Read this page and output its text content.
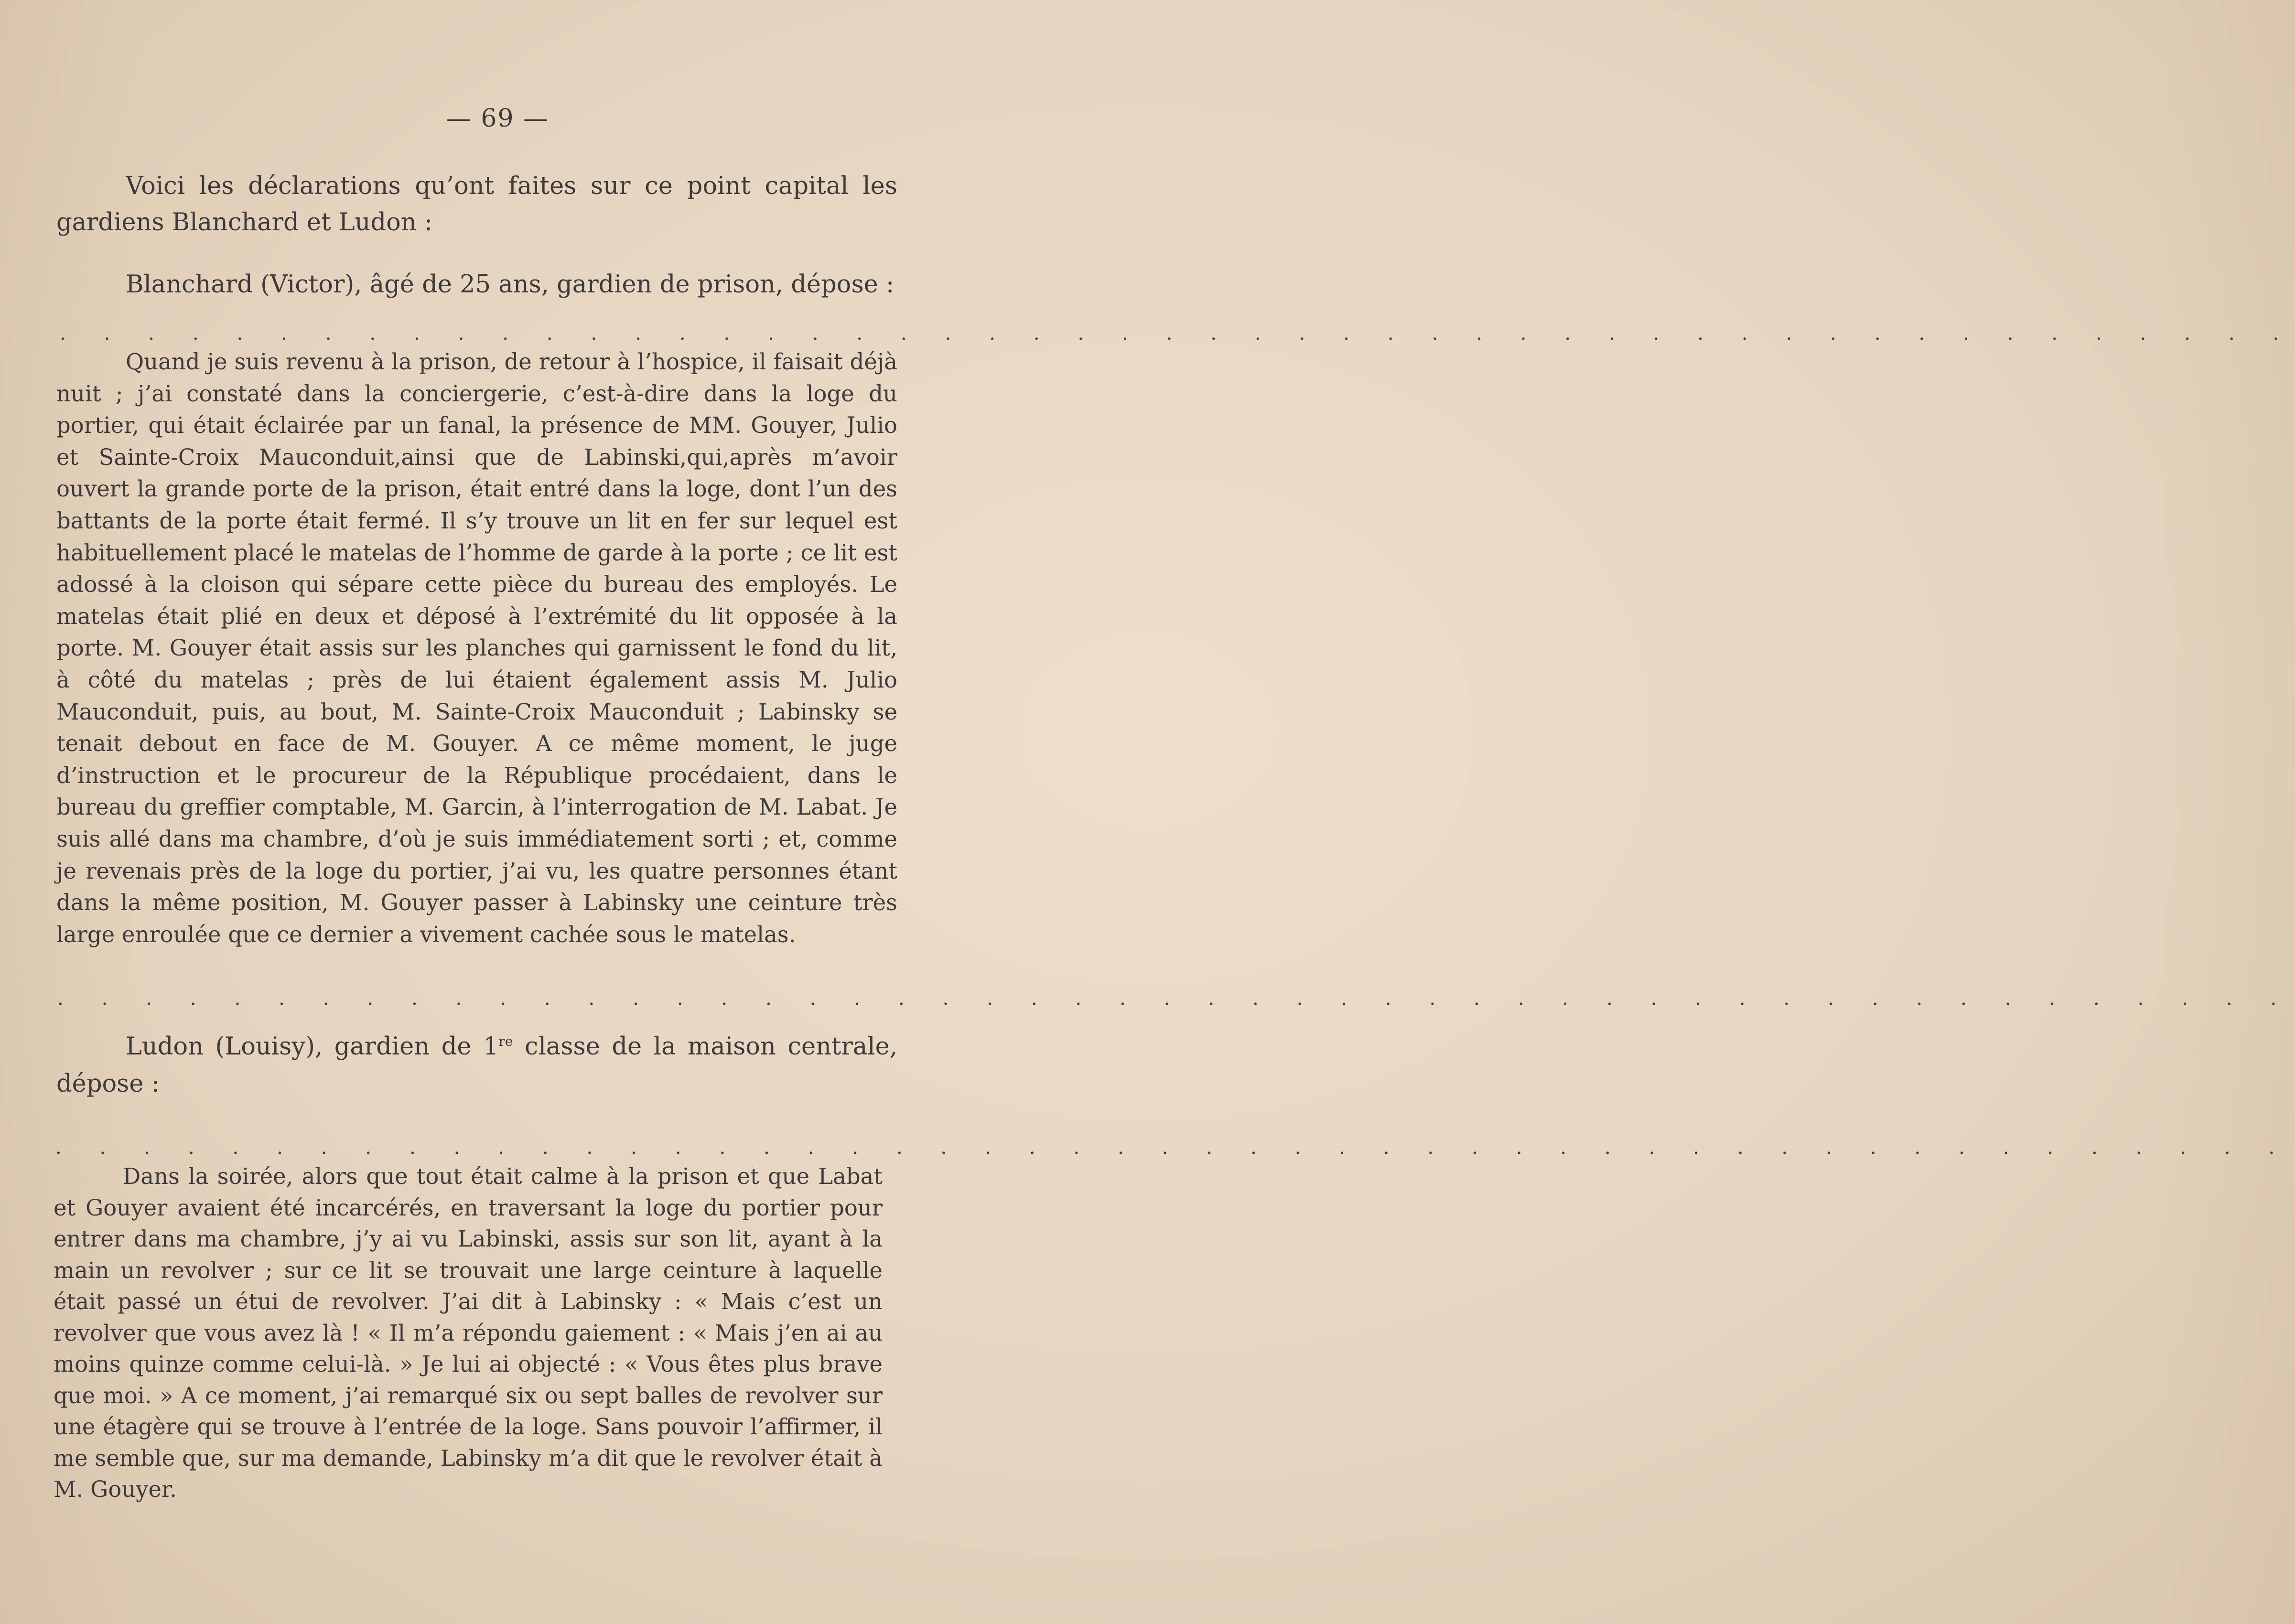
— 69 —

Voici les déclarations qu’ont faites sur ce point capital les gardiens Blanchard et Ludon :

Blanchard (Victor), âgé de 25 ans, gardien de prison, dépose :

. . . . . . . . . . . . . . . . . . . . . . . . . . . . . . . . . . . . . . . . . . . . . . . . . . .

Quand je suis revenu à la prison, de retour à l’hospice, il faisait déjà nuit ; j’ai constaté dans la conciergerie, c’est-à-dire dans la loge du portier, qui était éclairée par un fanal, la présence de MM. Gouyer, Julio et Sainte-Croix Mauconduit,ainsi que de Labinski,qui,après m’avoir ouvert la grande porte de la prison, était entré dans la loge, dont l’un des battants de la porte était fermé. Il s’y trouve un lit en fer sur lequel est habituellement placé le matelas de l’homme de garde à la porte ; ce lit est adossé à la cloison qui sépare cette pièce du bureau des employés. Le matelas était plié en deux et déposé à l’extrémité du lit opposée à la porte. M. Gouyer était assis sur les planches qui garnissent le fond du lit, à côté du matelas ; près de lui étaient également assis M. Julio Mauconduit, puis, au bout, M. Sainte-Croix Mauconduit ; Labinsky se tenait debout en face de M. Gouyer. A ce même moment, le juge d’instruction et le procureur de la République procédaient, dans le bureau du greffier comptable, M. Garcin, à l’interrogation de M. Labat. Je suis allé dans ma chambre, d’où je suis immédiatement sorti ; et, comme je revenais près de la loge du portier, j’ai vu, les quatre personnes étant dans la même position, M. Gouyer passer à Labinsky une ceinture très large enroulée que ce dernier a vivement cachée sous le matelas.

. . . . . . . . . . . . . . . . . . . . . . . . . . . . . . . . . . . . . . . . . . . . . . . . . . .

Ludon (Louisy), gardien de 1re classe de la maison centrale, dépose :

. . . . . . . . . . . . . . . . . . . . . . . . . . . . . . . . . . . . . . . . . . . . . . . . . . .

Dans la soirée, alors que tout était calme à la prison et que Labat et Gouyer avaient été incarcérés, en traversant la loge du portier pour entrer dans ma chambre, j’y ai vu Labinski, assis sur son lit, ayant à la main un revolver ; sur ce lit se trouvait une large ceinture à laquelle était passé un étui de revolver. J’ai dit à Labinsky : « Mais c’est un revolver que vous avez là ! « Il m’a répondu gaiement : « Mais j’en ai au moins quinze comme celui-là. » Je lui ai objecté : « Vous êtes plus brave que moi. » A ce moment, j’ai remarqué six ou sept balles de revolver sur une étagère qui se trouve à l’entrée de la loge. Sans pouvoir l’affirmer, il me semble que, sur ma demande, Labinsky m’a dit que le revolver était à M. Gouyer.
